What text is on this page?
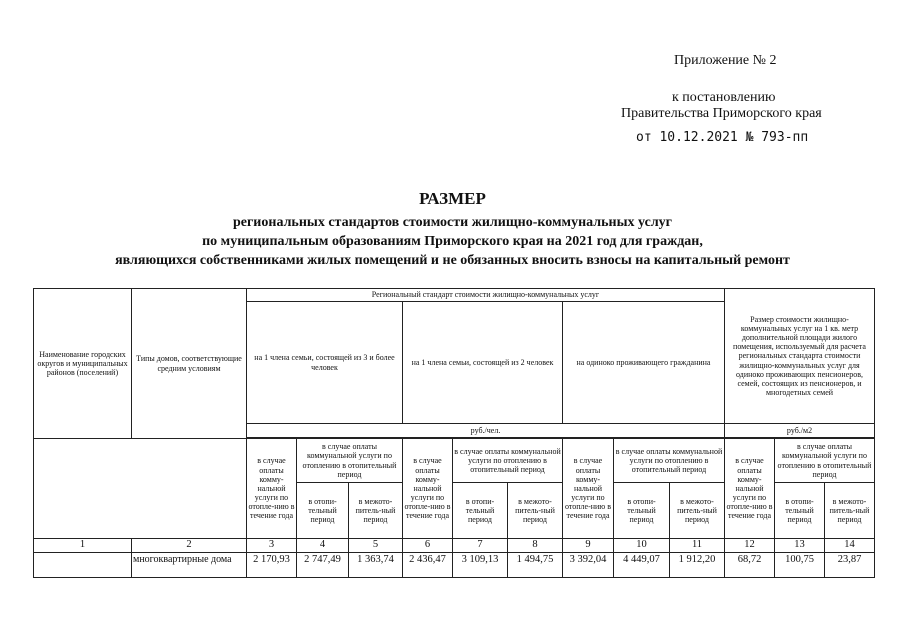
Приложение № 2
к постановлению
Правительства Приморского края
от 10.12.2021 № 793-пп
РАЗМЕР
региональных стандартов стоимости жилищно-коммунальных услуг
по муниципальным образованиям Приморского края на 2021 год для граждан,
являющихся собственниками жилых помещений и не обязанных вносить взносы на капитальный ремонт
Наименование городских округов и муниципальных районов (поселений)	Типы домов, соответствующие средним условиям	Региональный стандарт стоимости жилищно-коммунальных услуг									Размер стоимости жилищно-коммунальных услуг на 1 кв. метр дополнительной площади жилого помещения, используемый для расчета региональных стандарта стоимости жилищно-коммунальных услуг для одиноко проживающих пенсионеров, семей, состоящих из пенсионеров, и многодетных семей		
		на 1 члена семьи, состоящей из 3 и более человек			на 1 члена семьи, состоящей из 2 человек			на одиноко проживающего гражданина					
		руб./чел.									руб./м2		

		в случае оплаты комму-нальной услуги по отопле-нию в течение года	в случае оплаты коммунальной услуги по отоплению в отопительный период		в случае оплаты комму-нальной услуги по отопле-нию в течение года	в случае оплаты коммунальной услуги по отоплению в отопительный период		в случае оплаты комму-нальной услуги по отопле-нию в течение года	в случае оплаты коммунальной услуги по отоплению в отопительный период		в случае оплаты комму-нальной услуги по отопле-нию в течение года	в случае оплаты коммунальной услуги по отоплению в отопительный период	
			в отопи-тельный период	в межото-питель-ный период		в отопи-тельный период	в межото-питель-ный период		в отопи-тельный период	в межото-питель-ный период		в отопи-тельный период	в межото-питель-ный период
1	2	3	4	5	6	7	8	9	10	11	12	13	14
	многоквартирные дома	2 170,93	2 747,49	1 363,74	2 436,47	3 109,13	1 494,75	3 392,04	4 449,07	1 912,20	68,72	100,75	23,87
